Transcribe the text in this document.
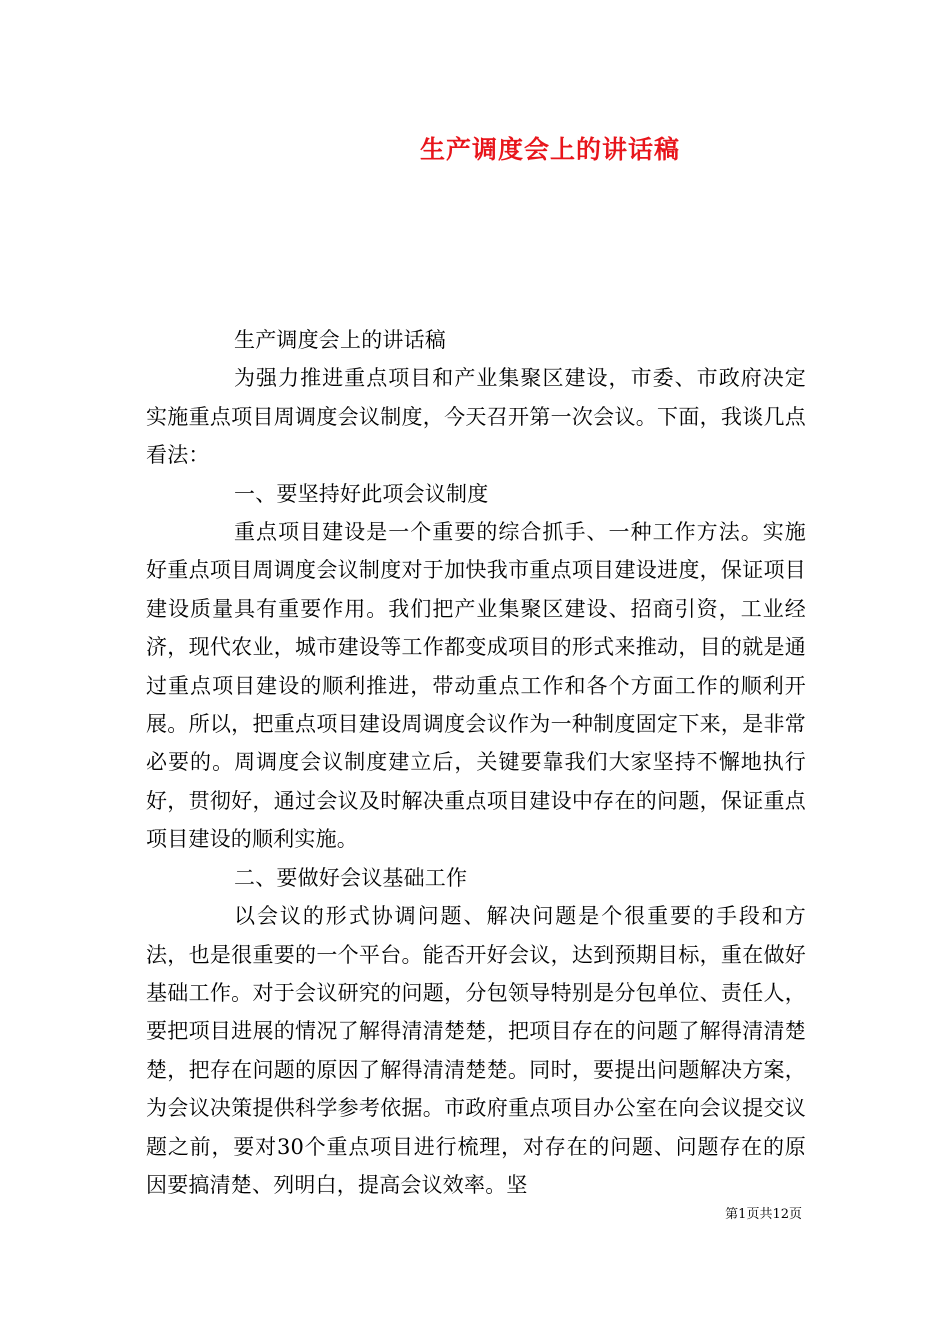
生产调度会上的讲话稿

生产调度会上的讲话稿

为强力推进重点项目和产业集聚区建设，市委、市政府决定实施重点项目周调度会议制度，今天召开第一次会议。下面，我谈几点看法：

一、要坚持好此项会议制度

重点项目建设是一个重要的综合抓手、一种工作方法。实施好重点项目周调度会议制度对于加快我市重点项目建设进度，保证项目建设质量具有重要作用。我们把产业集聚区建设、招商引资，工业经济，现代农业，城市建设等工作都变成项目的形式来推动，目的就是通过重点项目建设的顺利推进，带动重点工作和各个方面工作的顺利开展。所以，把重点项目建设周调度会议作为一种制度固定下来，是非常必要的。周调度会议制度建立后，关键要靠我们大家坚持不懈地执行好，贯彻好，通过会议及时解决重点项目建设中存在的问题，保证重点项目建设的顺利实施。

二、要做好会议基础工作

以会议的形式协调问题、解决问题是个很重要的手段和方法，也是很重要的一个平台。能否开好会议，达到预期目标，重在做好基础工作。对于会议研究的问题，分包领导特别是分包单位、责任人，要把项目进展的情况了解得清清楚楚，把项目存在的问题了解得清清楚楚，把存在问题的原因了解得清清楚楚。同时，要提出问题解决方案，为会议决策提供科学参考依据。市政府重点项目办公室在向会议提交议题之前，要对30个重点项目进行梳理，对存在的问题、问题存在的原因要搞清楚、列明白，提高会议效率。坚

第1页共12页
